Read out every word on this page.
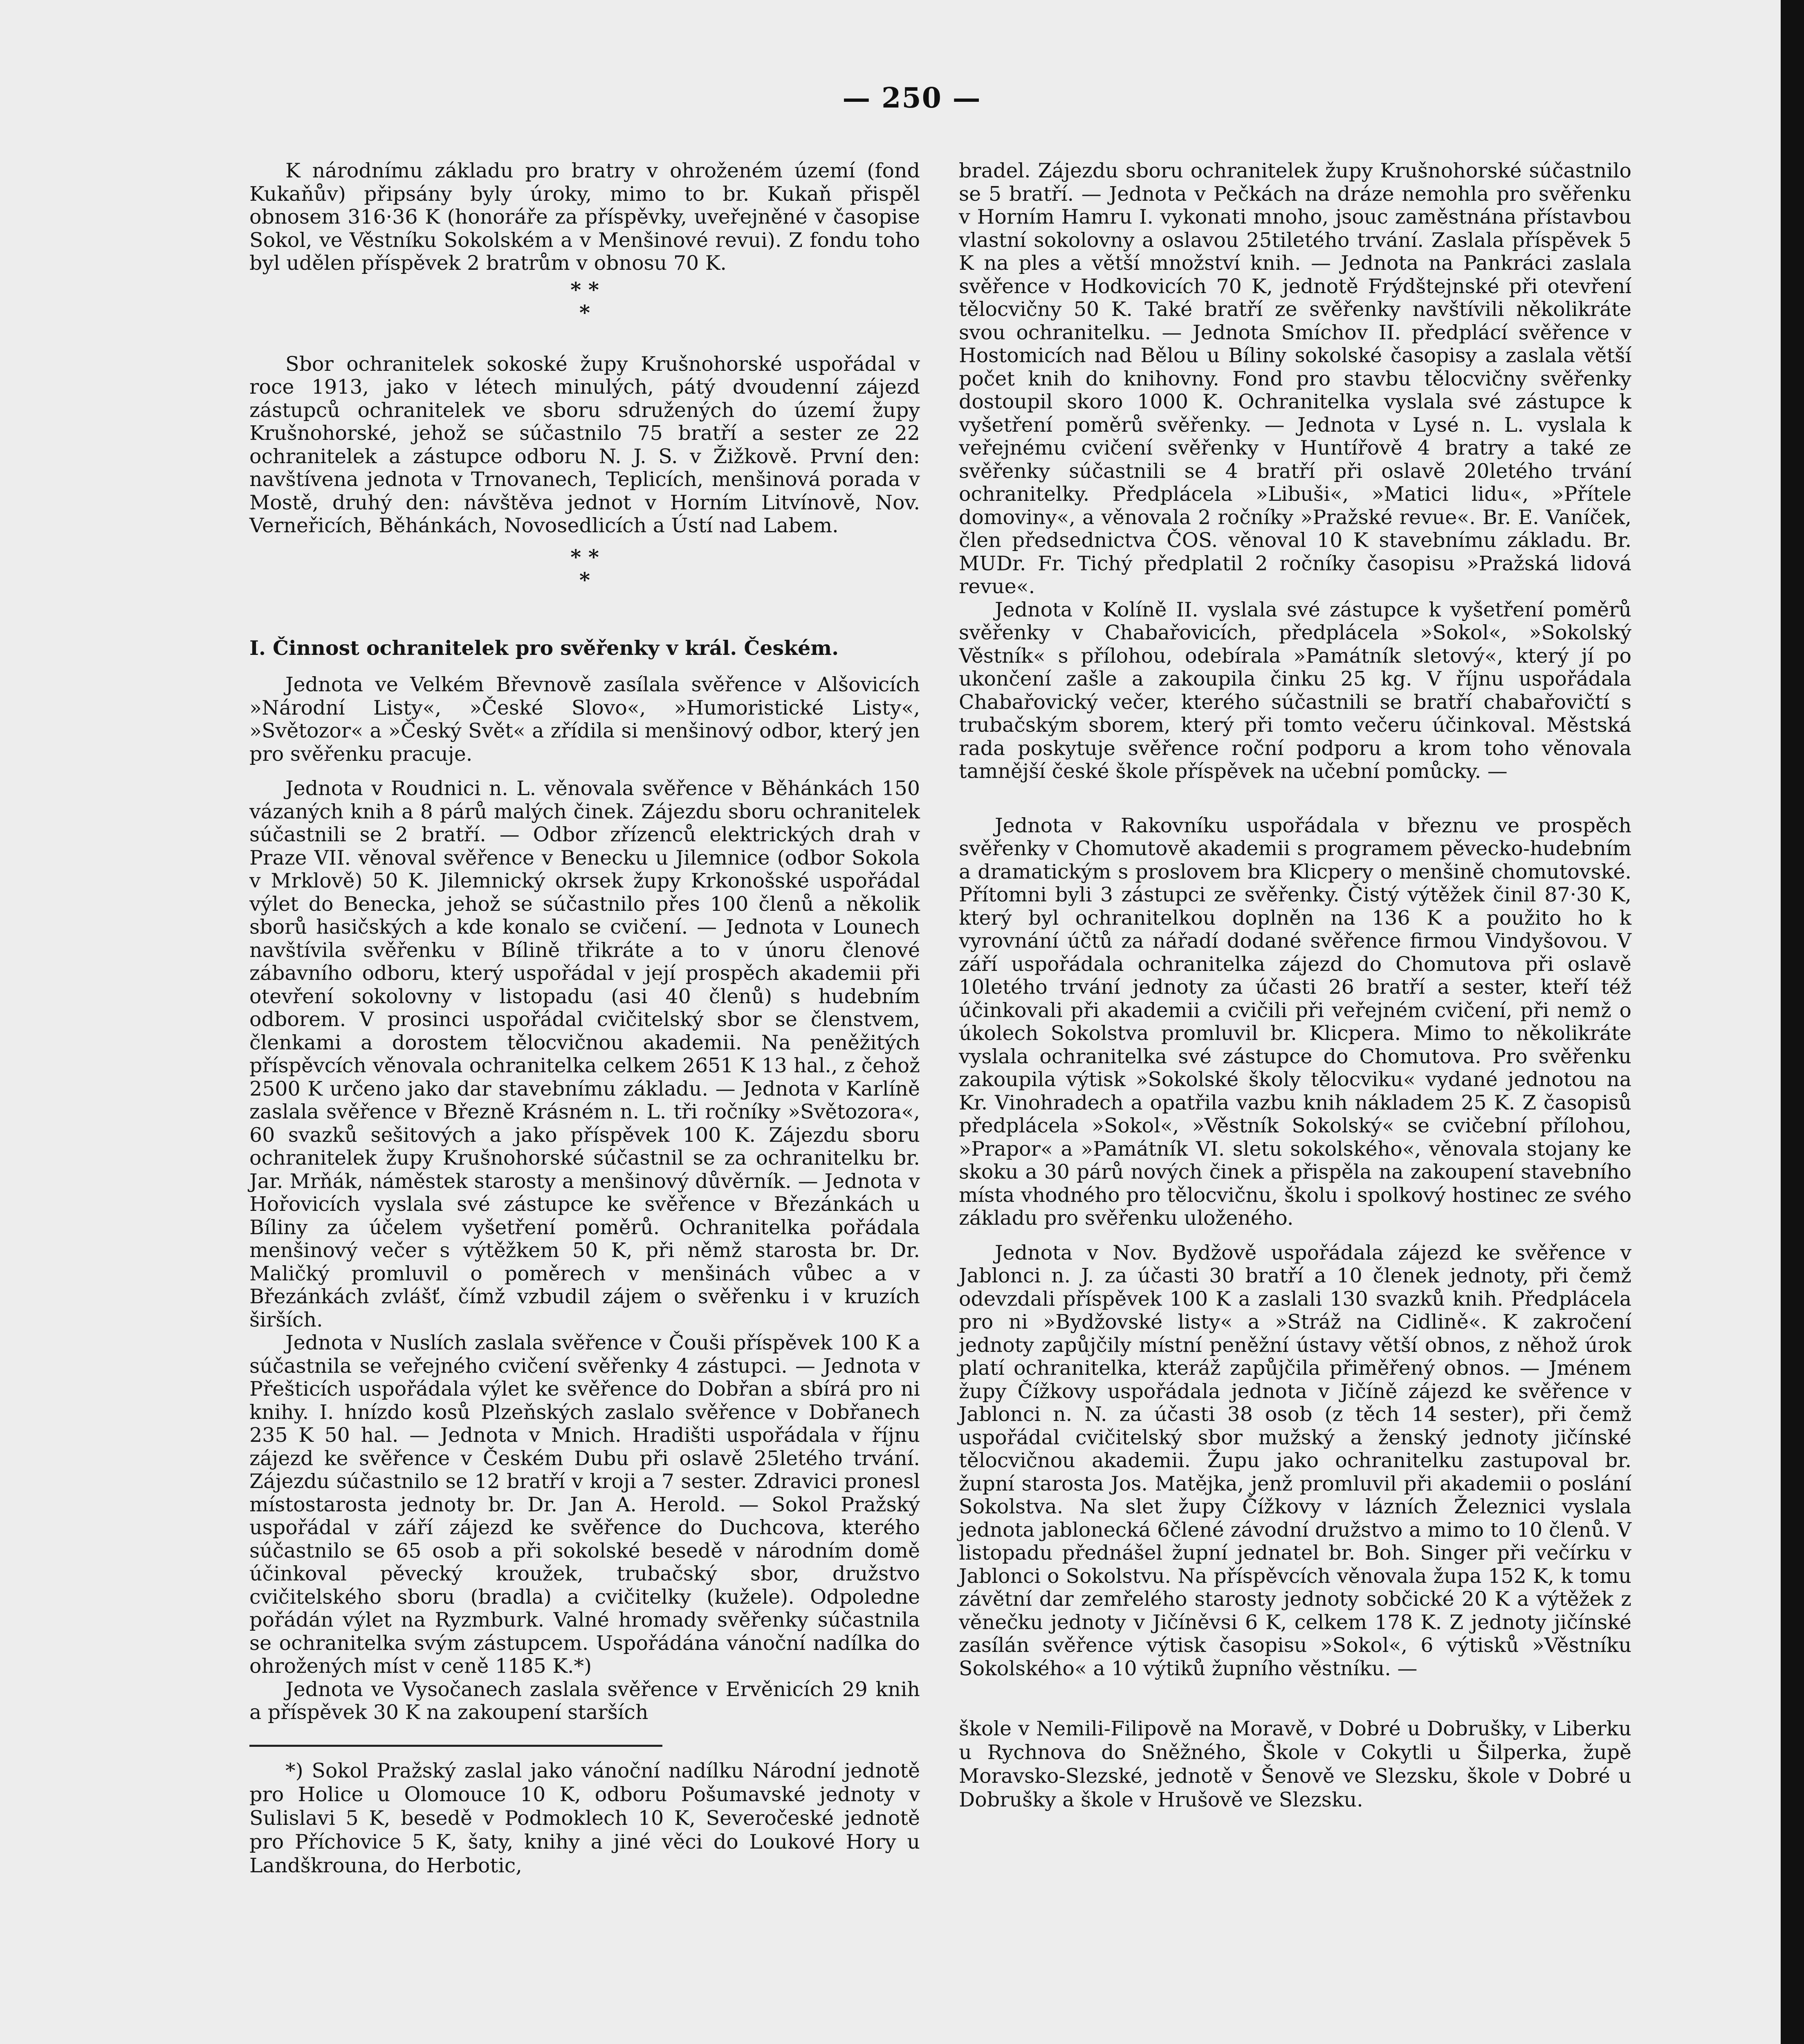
— 250 —

K národnímu základu pro bratry v ohroženém území (fond Kukaňův) připsány byly úroky, mimo to br. Kukaň přispěl obnosem 316·36 K (honoráře za příspěvky, uveřejněné v časopise Sokol, ve Věstníku Sokolském a v Menšinové revui). Z fondu toho byl udělen příspěvek 2 bratrům v obnosu 70 K.

* *
*

Sbor ochranitelek sokoské župy Krušnohorské uspořádal v roce 1913, jako v létech minulých, pátý dvoudenní zájezd zástupců ochranitelek ve sboru sdružených do území župy Krušnohorské, jehož se súčastnilo 75 bratří a sester ze 22 ochranitelek a zástupce odboru N. J. S. v Žižkově. První den: navštívena jednota v Trnovanech, Teplicích, menšinová porada v Mostě, druhý den: návštěva jednot v Horním Litvínově, Nov. Verneřicích, Běhánkách, Novosedlicích a Ústí nad Labem.

* *
*

I. Činnost ochranitelek pro svěřenky v král. Českém.

Jednota ve Velkém Břevnově zasílala svěřence v Alšovicích »Národní Listy«, »České Slovo«, »Humoristické Listy«, »Světozor« a »Český Svět« a zřídila si menšinový odbor, který jen pro svěřenku pracuje.

Jednota v Roudnici n. L. věnovala svěřence v Běhánkách 150 vázaných knih a 8 párů malých činek. Zájezdu sboru ochranitelek súčastnili se 2 bratří. — Odbor zřízenců elektrických drah v Praze VII. věnoval svěřence v Benecku u Jilemnice (odbor Sokola v Mrklově) 50 K. Jilemnický okrsek župy Krkonošské uspořádal výlet do Benecka, jehož se súčastnilo přes 100 členů a několik sborů hasičských a kde konalo se cvičení. — Jednota v Lounech navštívila svěřenku v Bílině třikráte a to v únoru členové zábavního odboru, který uspořádal v její prospěch akademii při otevření sokolovny v listopadu (asi 40 členů) s hudebním odborem. V prosinci uspořádal cvičitelský sbor se členstvem, členkami a dorostem tělocvičnou akademii. Na peněžitých příspěvcích věnovala ochranitelka celkem 2651 K 13 hal., z čehož 2500 K určeno jako dar stavebnímu základu. — Jednota v Karlíně zaslala svěřence v Březně Krásném n. L. tři ročníky »Světozora«, 60 svazků sešitových a jako příspěvek 100 K. Zájezdu sboru ochranitelek župy Krušnohorské súčastnil se za ochranitelku br. Jar. Mrňák, náměstek starosty a menšinový důvěrník. — Jednota v Hořovicích vyslala své zástupce ke svěřence v Březánkách u Bíliny za účelem vyšetření poměrů. Ochranitelka pořádala menšinový večer s výtěžkem 50 K, při němž starosta br. Dr. Maličký promluvil o poměrech v menšinách vůbec a v Březánkách zvlášť, čímž vzbudil zájem o svěřenku i v kruzích širších.

Jednota v Nuslích zaslala svěřence v Čouši příspěvek 100 K a súčastnila se veřejného cvičení svěřenky 4 zástupci. — Jednota v Přešticích uspořádala výlet ke svěřence do Dobřan a sbírá pro ni knihy. I. hnízdo kosů Plzeňských zaslalo svěřence v Dobřanech 235 K 50 hal. — Jednota v Mnich. Hradišti uspořádala v říjnu zájezd ke svěřence v Českém Dubu při oslavě 25letého trvání. Zájezdu súčastnilo se 12 bratří v kroji a 7 sester. Zdravici pronesl místostarosta jednoty br. Dr. Jan A. Herold. — Sokol Pražský uspořádal v září zájezd ke svěřence do Duchcova, kterého súčastnilo se 65 osob a při sokolské besedě v národním domě účinkoval pěvecký kroužek, trubačský sbor, družstvo cvičitelského sboru (bradla) a cvičitelky (kužele). Odpoledne pořádán výlet na Ryzmburk. Valné hromady svěřenky súčastnila se ochranitelka svým zástupcem. Uspořádána vánoční nadílka do ohrožených míst v ceně 1185 K.*)

Jednota ve Vysočanech zaslala svěřence v Ervěnicích 29 knih a příspěvek 30 K na zakoupení starších

*) Sokol Pražský zaslal jako vánoční nadílku Národní jednotě pro Holice u Olomouce 10 K, odboru Pošumavské jednoty v Sulislavi 5 K, besedě v Podmoklech 10 K, Severočeské jednotě pro Příchovice 5 K, šaty, knihy a jiné věci do Loukové Hory u Landškrouna, do Herbotic,

bradel. Zájezdu sboru ochranitelek župy Krušnohorské súčastnilo se 5 bratří. — Jednota v Pečkách na dráze nemohla pro svěřenku v Horním Hamru I. vykonati mnoho, jsouc zaměstnána přístavbou vlastní sokolovny a oslavou 25tiletého trvání. Zaslala příspěvek 5 K na ples a větší množství knih. — Jednota na Pankráci zaslala svěřence v Hodkovicích 70 K, jednotě Frýdštejnské při otevření tělocvičny 50 K. Také bratří ze svěřenky navštívili několikráte svou ochranitelku. — Jednota Smíchov II. předplácí svěřence v Hostomicích nad Bělou u Bíliny sokolské časopisy a zaslala větší počet knih do knihovny. Fond pro stavbu tělocvičny svěřenky dostoupil skoro 1000 K. Ochranitelka vyslala své zástupce k vyšetření poměrů svěřenky. — Jednota v Lysé n. L. vyslala k veřejnému cvičení svěřenky v Huntířově 4 bratry a také ze svěřenky súčastnili se 4 bratří při oslavě 20letého trvání ochranitelky. Předplácela »Libuši«, »Matici lidu«, »Přítele domoviny«, a věnovala 2 ročníky »Pražské revue«. Br. E. Vaníček, člen předsednictva ČOS. věnoval 10 K stavebnímu základu. Br. MUDr. Fr. Tichý předplatil 2 ročníky časopisu »Pražská lidová revue«.

Jednota v Kolíně II. vyslala své zástupce k vyšetření poměrů svěřenky v Chabařovicích, předplácela »Sokol«, »Sokolský Věstník« s přílohou, odebírala »Památník sletový«, který jí po ukončení zašle a zakoupila činku 25 kg. V říjnu uspořádala Chabařovický večer, kterého súčastnili se bratří chabařovičtí s trubačským sborem, který při tomto večeru účinkoval. Městská rada poskytuje svěřence roční podporu a krom toho věnovala tamnější české škole příspěvek na učební pomůcky. —

Jednota v Rakovníku uspořádala v březnu ve prospěch svěřenky v Chomutově akademii s programem pěvecko-hudebním a dramatickým s proslovem bra Klicpery o menšině chomutovské. Přítomni byli 3 zástupci ze svěřenky. Čistý výtěžek činil 87·30 K, který byl ochranitelkou doplněn na 136 K a použito ho k vyrovnání účtů za nářadí dodané svěřence firmou Vindyšovou. V září uspořádala ochranitelka zájezd do Chomutova při oslavě 10letého trvání jednoty za účasti 26 bratří a sester, kteří též účinkovali při akademii a cvičili při veřejném cvičení, při nemž o úkolech Sokolstva promluvil br. Klicpera. Mimo to několikráte vyslala ochranitelka své zástupce do Chomutova. Pro svěřenku zakoupila výtisk »Sokolské školy tělocviku« vydané jednotou na Kr. Vinohradech a opatřila vazbu knih nákladem 25 K. Z časopisů předplácela »Sokol«, »Věstník Sokolský« se cvičební přílohou, »Prapor« a »Památník VI. sletu sokolského«, věnovala stojany ke skoku a 30 párů nových činek a přispěla na zakoupení stavebního místa vhodného pro tělocvičnu, školu i spolkový hostinec ze svého základu pro svěřenku uloženého.

Jednota v Nov. Bydžově uspořádala zájezd ke svěřence v Jablonci n. J. za účasti 30 bratří a 10 členek jednoty, při čemž odevzdali příspěvek 100 K a zaslali 130 svazků knih. Předplácela pro ni »Bydžovské listy« a »Stráž na Cidlině«. K zakročení jednoty zapůjčily místní peněžní ústavy větší obnos, z něhož úrok platí ochranitelka, kteráž zapůjčila přiměřený obnos. — Jménem župy Čížkovy uspořádala jednota v Jičíně zájezd ke svěřence v Jablonci n. N. za účasti 38 osob (z těch 14 sester), při čemž uspořádal cvičitelský sbor mužský a ženský jednoty jičínské tělocvičnou akademii. Župu jako ochranitelku zastupoval br. župní starosta Jos. Matějka, jenž promluvil při akademii o poslání Sokolstva. Na slet župy Čížkovy v lázních Železnici vyslala jednota jablonecká 6člené závodní družstvo a mimo to 10 členů. V listopadu přednášel župní jednatel br. Boh. Singer při večírku v Jablonci o Sokolstvu. Na příspěvcích věnovala župa 152 K, k tomu závětní dar zemřelého starosty jednoty sobčické 20 K a výtěžek z věnečku jednoty v Jičíněvsi 6 K, celkem 178 K. Z jednoty jičínské zasílán svěřence výtisk časopisu »Sokol«, 6 výtisků »Věstníku Sokolského« a 10 výtiků župního věstníku. —

škole v Nemili-Filipově na Moravě, v Dobré u Dobrušky, v Liberku u Rychnova do Sněžného, Škole v Cokytli u Šilperka, župě Moravsko-Slezské, jednotě v Šenově ve Slezsku, škole v Dobré u Dobrušky a škole v Hrušově ve Slezsku.
